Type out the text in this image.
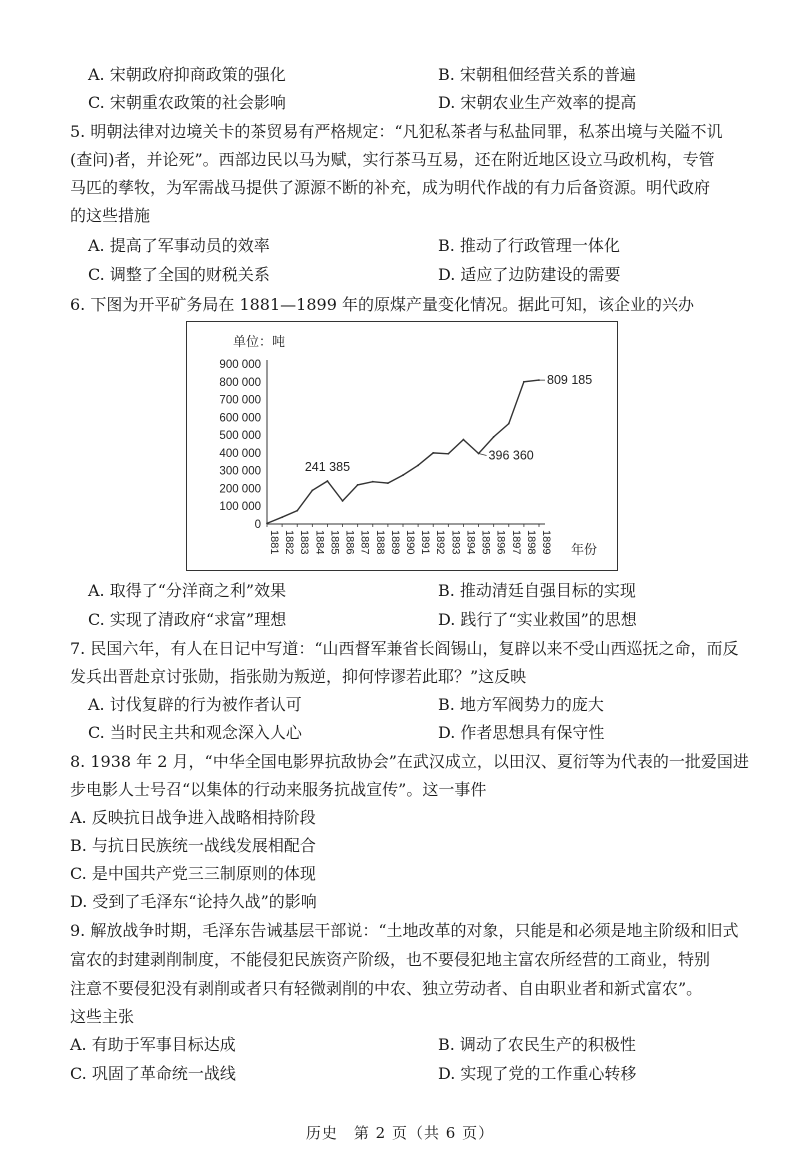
A. 宋朝政府抑商政策的强化	B. 宋朝租佃经营关系的普遍
C. 宋朝重农政策的社会影响	D. 宋朝农业生产效率的提高
5. 明朝法律对边境关卡的茶贸易有严格规定：“凡犯私茶者与私盐同罪，私茶出境与关隘不讥
(查问)者，并论死”。西部边民以马为赋，实行茶马互易，还在附近地区设立马政机构，专管
马匹的孳牧，为军需战马提供了源源不断的补充，成为明代作战的有力后备资源。明代政府
的这些措施
A. 提高了军事动员的效率	B. 推动了行政管理一体化
C. 调整了全国的财税关系	D. 适应了边防建设的需要
6. 下图为开平矿务局在 1881—1899 年的原煤产量变化情况。据此可知，该企业的兴办
单位：吨
0
100 000
200 000
300 000
400 000
500 000
600 000
700 000
800 000
900 000
1881 1882 1883 1884 1885 1886 1887 1888 1889 1890 1891 1892 1893 1894 1895 1896 1897 1898 1899
241 385
396 360
809 185
年份
A. 取得了“分洋商之利”效果	B. 推动清廷自强目标的实现
C. 实现了清政府“求富”理想	D. 践行了“实业救国”的思想
7. 民国六年，有人在日记中写道：“山西督军兼省长阎锡山，复辟以来不受山西巡抚之命，而反
发兵出晋赴京讨张勋，指张勋为叛逆，抑何悖谬若此耶？”这反映
A. 讨伐复辟的行为被作者认可	B. 地方军阀势力的庞大
C. 当时民主共和观念深入人心	D. 作者思想具有保守性
8. 1938 年 2 月，“中华全国电影界抗敌协会”在武汉成立，以田汉、夏衍等为代表的一批爱国进
步电影人士号召“以集体的行动来服务抗战宣传”。这一事件
A. 反映抗日战争进入战略相持阶段
B. 与抗日民族统一战线发展相配合
C. 是中国共产党三三制原则的体现
D. 受到了毛泽东“论持久战”的影响
9. 解放战争时期，毛泽东告诫基层干部说：“土地改革的对象，只能是和必须是地主阶级和旧式
富农的封建剥削制度，不能侵犯民族资产阶级，也不要侵犯地主富农所经营的工商业，特别
注意不要侵犯没有剥削或者只有轻微剥削的中农、独立劳动者、自由职业者和新式富农”。
这些主张
A. 有助于军事目标达成	B. 调动了农民生产的积极性
C. 巩固了革命统一战线	D. 实现了党的工作重心转移
历史　第 2 页（共 6 页）
